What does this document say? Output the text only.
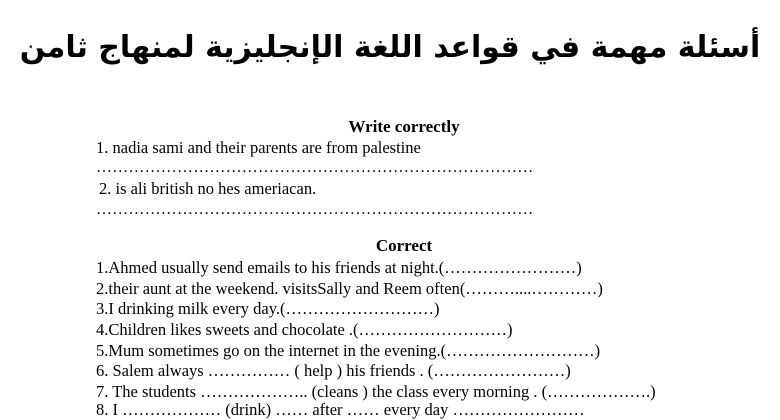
أسئلة مهمة في قواعد اللغة الإنجليزية لمنهاج ثامن
Write correctly
1. nadia sami and their parents are from palestine
………………………………………………………………………
2. is ali british no hes ameriacan.
………………………………………………………………………
Correct
1.Ahmed usually send emails to his friends at night.(……………………)
2.their aunt at the weekend. visitsSally and Reem often(………....…………)
3.I drinking milk every day.(………………………)
4.Children likes sweets and chocolate .(………………………)
5.Mum sometimes go on the internet in the evening.(………………………)
6. Salem always …………… ( help ) his friends . (……………………)
7. The students ……………….. (cleans ) the class every morning . (……………….)
8. I ……………… (drink) …… after …… every day ……………………
